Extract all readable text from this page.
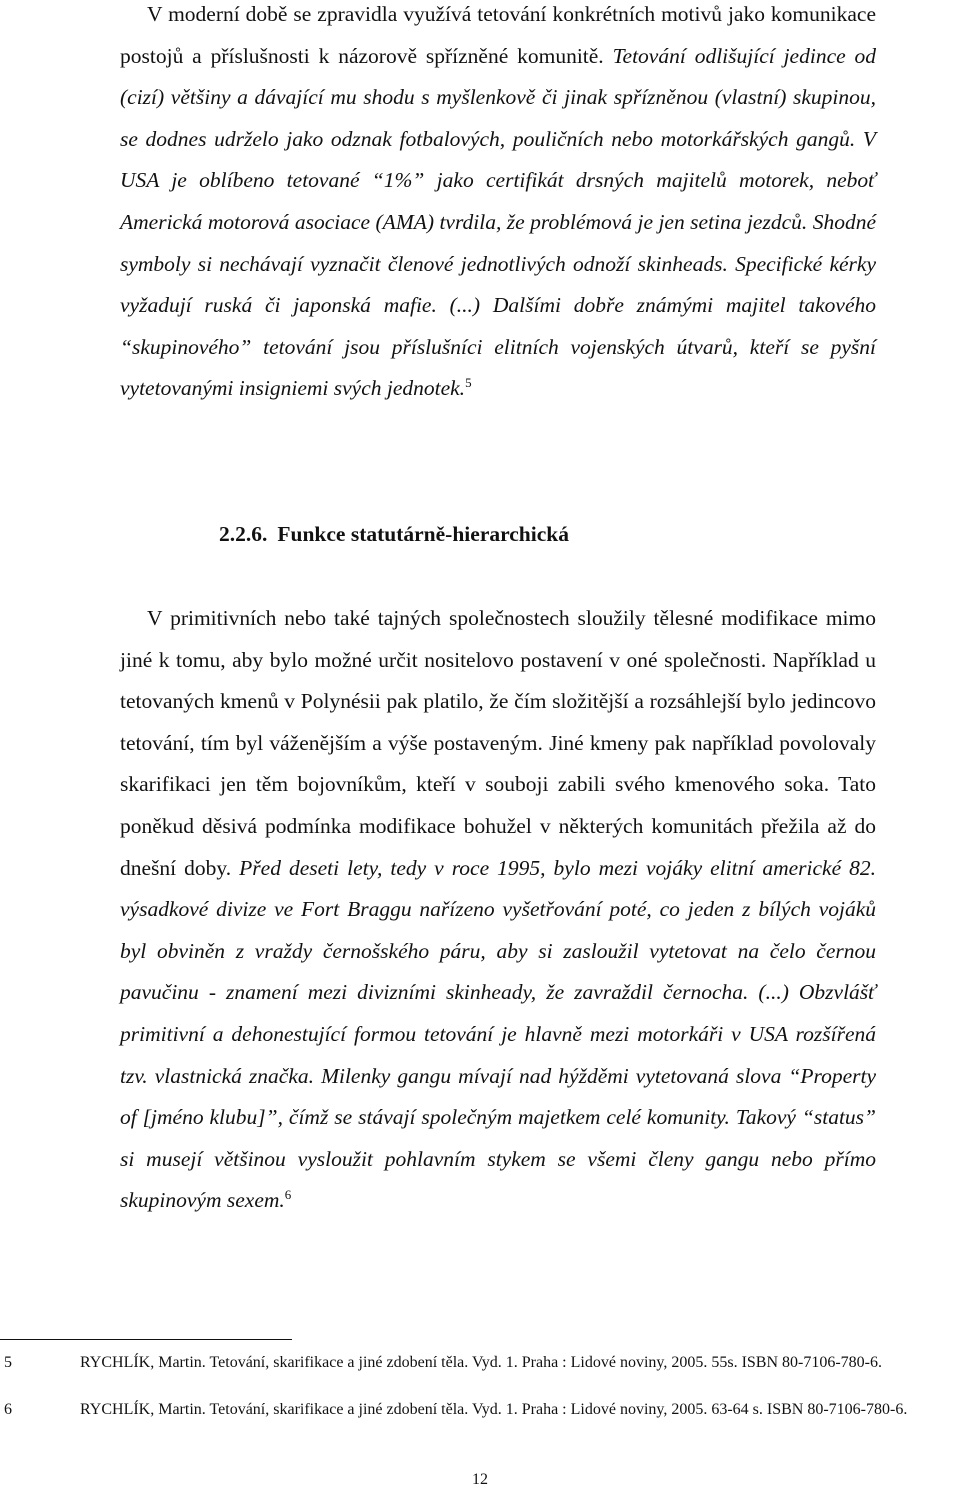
V moderní době se zpravidla využívá tetování konkrétních motivů jako komunikace postojů a příslušnosti k názorově spřízněné komunitě. Tetování odlišující jedince od (cizí) většiny a dávající mu shodu s myšlenkově či jinak spřízněnou (vlastní) skupinou, se dodnes udrželo jako odznak fotbalových, pouličních nebo motorkářských gangů. V USA je oblíbeno tetované “1%” jako certifikát drsných majitelů motorek, neboť Americká motorová asociace (AMA) tvrdila, že problémová je jen setina jezdců. Shodné symboly si nechávají vyznačit členové jednotlivých odnoží skinheads. Specifické kérky vyžadují ruská či japonská mafie. (...) Dalšími dobře známými majitel takového “skupinového” tetování jsou příslušníci elitních vojenských útvarů, kteří se pyšní vytetovanými insigniemi svých jednotek.$^5$

2.2.6. Funkce statutárně-hierarchická

V primitivních nebo také tajných společnostech sloužily tělesné modifikace mimo jiné k tomu, aby bylo možné určit nositelovo postavení v oné společnosti. Například u tetovaných kmenů v Polynésii pak platilo, že čím složitější a rozsáhlejší bylo jedincovo tetování, tím byl váženějším a výše postaveným. Jiné kmeny pak například povolovaly skarifikaci jen těm bojovníkům, kteří v souboji zabili svého kmenového soka. Tato poněkud děsivá podmínka modifikace bohužel v některých komunitách přežila až do dnešní doby. Před deseti lety, tedy v roce 1995, bylo mezi vojáky elitní americké 82. výsadkové divize ve Fort Braggu nařízeno vyšetřování poté, co jeden z bílých vojáků byl obviněn z vraždy černošského páru, aby si zasloužil vytetovat na čelo černou pavučinu - znamení mezi divizními skinheady, že zavraždil černocha. (...) Obzvlášť primitivní a dehonestující formou tetování je hlavně mezi motorkáři v USA rozšířená tzv. vlastnická značka. Milenky gangu mívají nad hýžděmi vytetovaná slova “Property of [jméno klubu]”, čímž se stávají společným majetkem celé komunity. Takový “status” si musejí většinou vysloužit pohlavním stykem se všemi členy gangu nebo přímo skupinovým sexem.$^6$

5	RYCHLÍK, Martin. Tetování, skarifikace a jiné zdobení těla. Vyd. 1. Praha : Lidové noviny, 2005. 55s. ISBN 80-7106-780-6.

6	RYCHLÍK, Martin. Tetování, skarifikace a jiné zdobení těla. Vyd. 1. Praha : Lidové noviny, 2005. 63-64 s. ISBN 80-7106-780-6.

12
